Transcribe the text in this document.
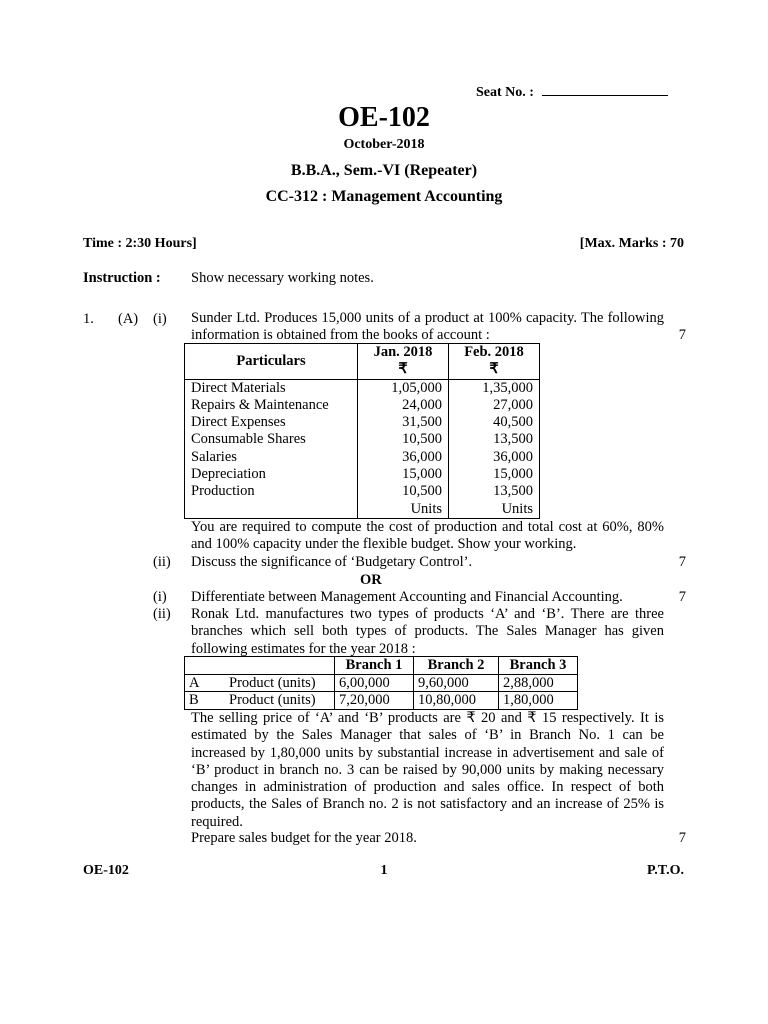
Seat No. :
OE-102
October-2018
B.B.A., Sem.-VI (Repeater)
CC-312 : Management Accounting
Time : 2:30 Hours]	[Max. Marks : 70
Instruction : Show necessary working notes.
1. (A) (i) Sunder Ltd. Produces 15,000 units of a product at 100% capacity. The following information is obtained from the books of account :	7
Particulars	Jan. 2018	Feb. 2018
	₹	₹
Direct Materials	1,05,000	1,35,000
Repairs & Maintenance	24,000	27,000
Direct Expenses	31,500	40,500
Consumable Shares	10,500	13,500
Salaries	36,000	36,000
Depreciation	15,000	15,000
Production	10,500	13,500
	Units	Units
You are required to compute the cost of production and total cost at 60%, 80% and 100% capacity under the flexible budget. Show your working.
(ii) Discuss the significance of ‘Budgetary Control’.	7
OR
(i) Differentiate between Management Accounting and Financial Accounting.	7
(ii) Ronak Ltd. manufactures two types of products ‘A’ and ‘B’. There are three branches which sell both types of products. The Sales Manager has given following estimates for the year 2018 :
		Branch 1	Branch 2	Branch 3
A	Product (units)	6,00,000	9,60,000	2,88,000
B	Product (units)	7,20,000	10,80,000	1,80,000
The selling price of ‘A’ and ‘B’ products are ₹ 20 and ₹ 15 respectively. It is estimated by the Sales Manager that sales of ‘B’ in Branch No. 1 can be increased by 1,80,000 units by substantial increase in advertisement and sale of ‘B’ product in branch no. 3 can be raised by 90,000 units by making necessary changes in administration of production and sales office. In respect of both products, the Sales of Branch no. 2 is not satisfactory and an increase of 25% is required.
Prepare sales budget for the year 2018.	7
OE-102	1	P.T.O.
